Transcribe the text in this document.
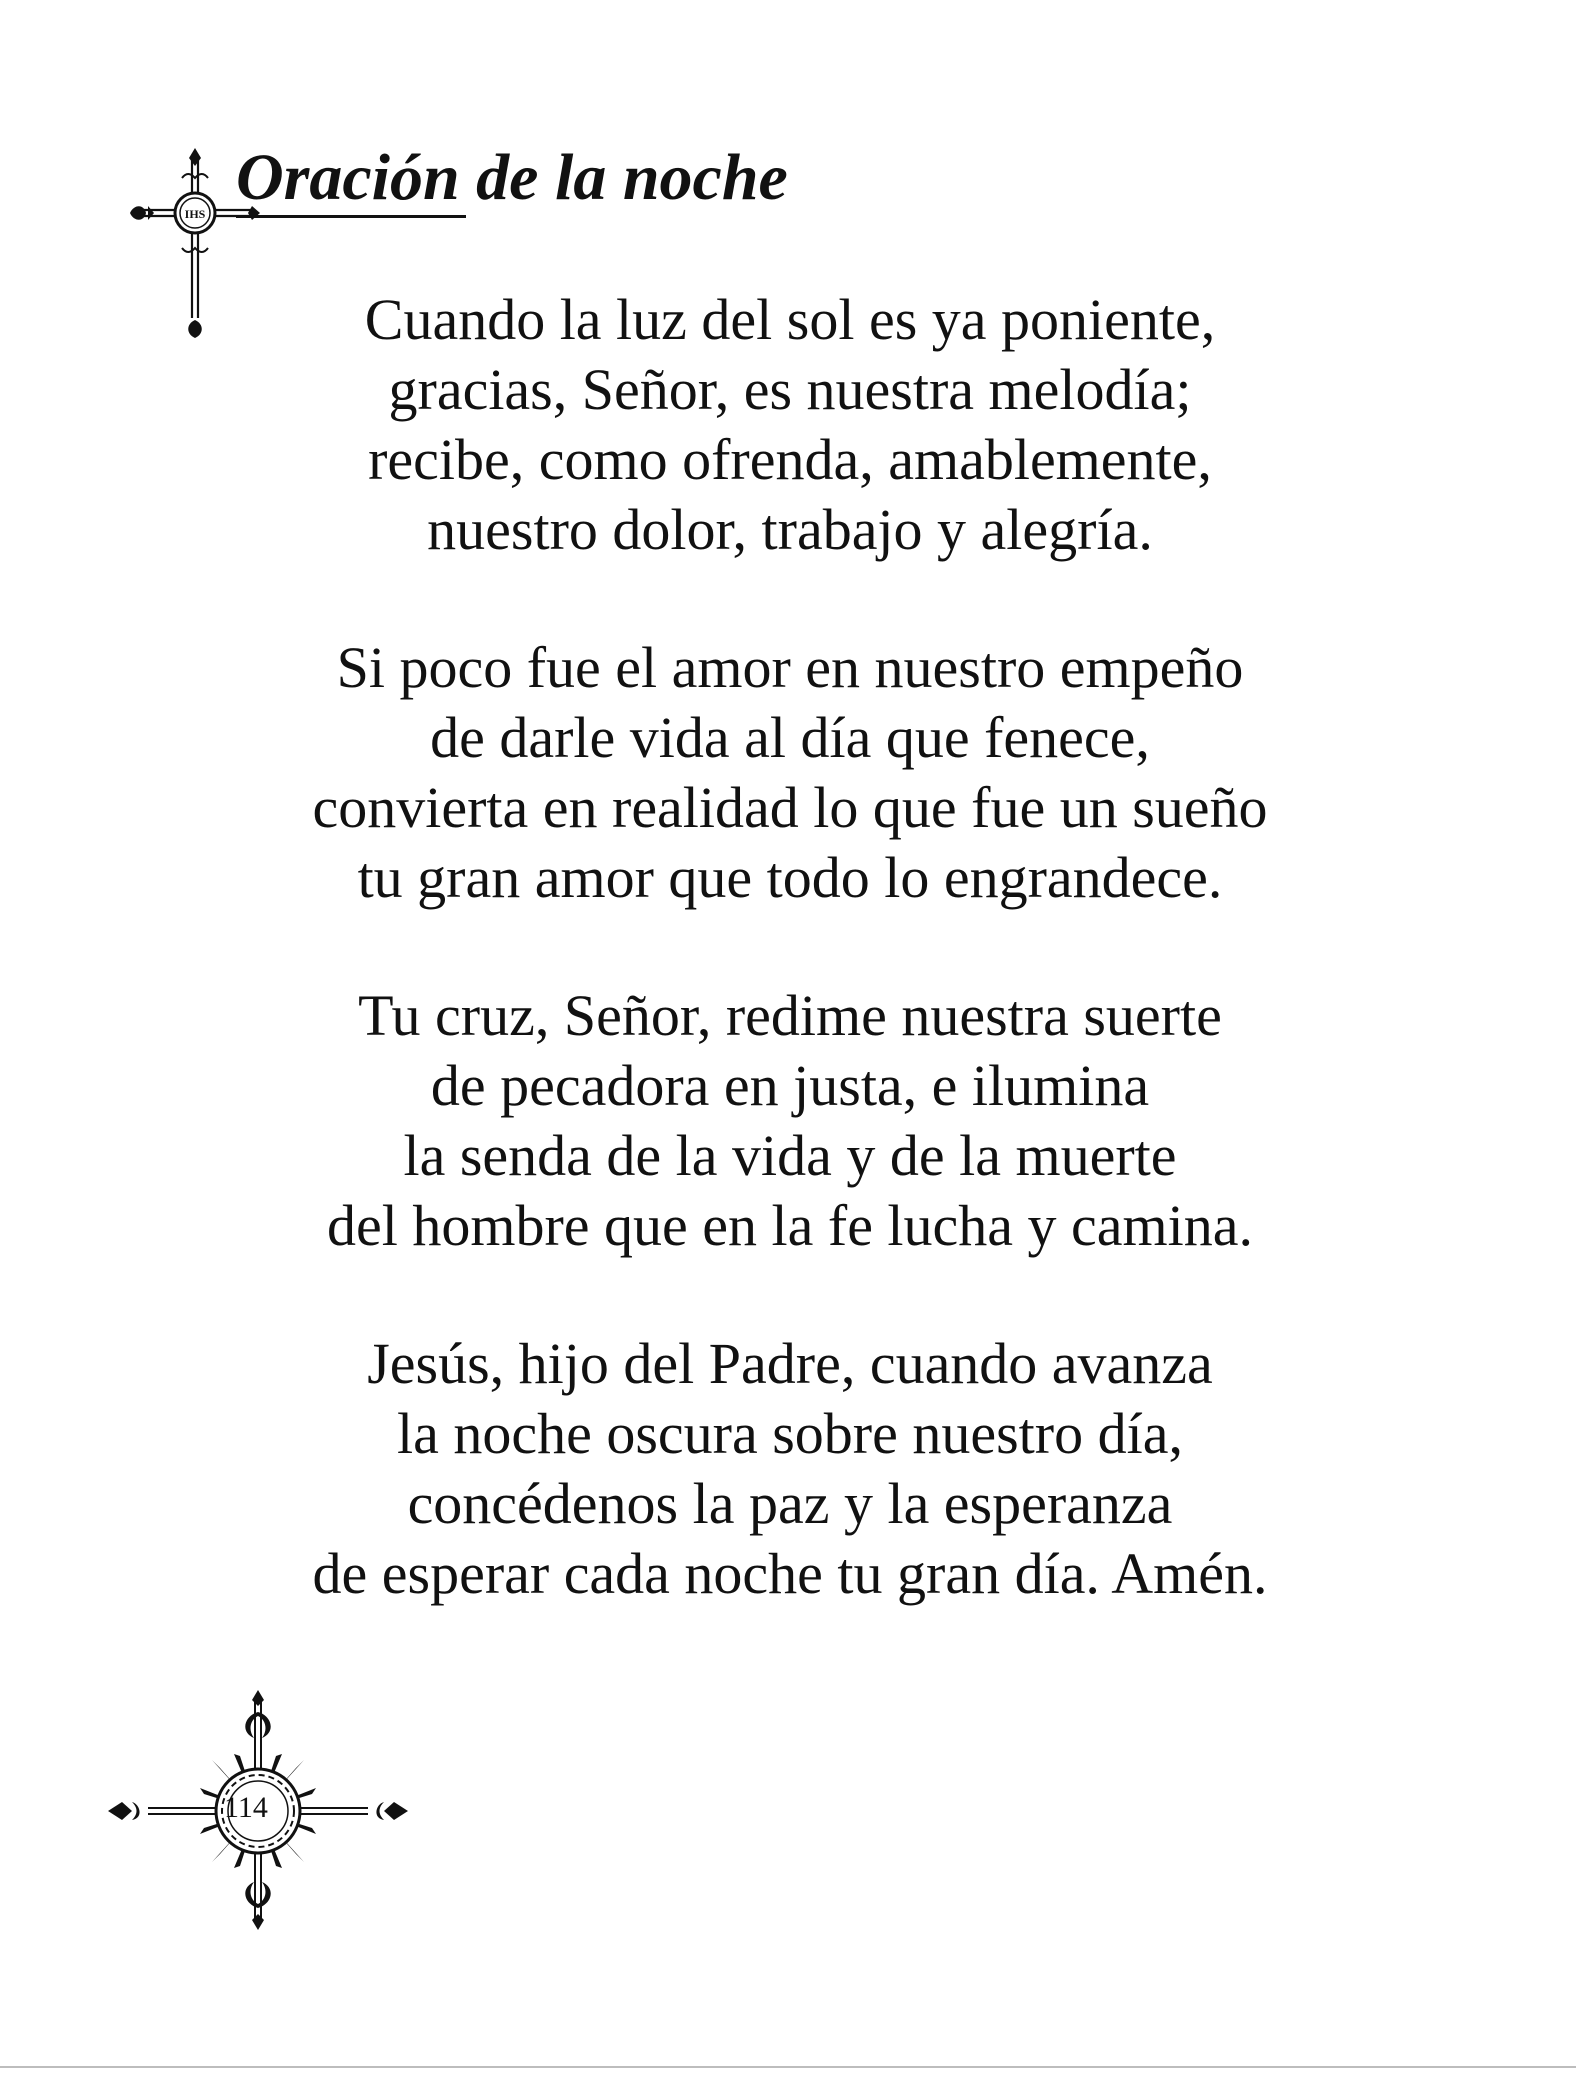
IHS Oración de la noche
Cuando la luz del sol es ya poniente,
gracias, Señor, es nuestra melodía;
recibe, como ofrenda, amablemente,
nuestro dolor, trabajo y alegría.
Si poco fue el amor en nuestro empeño
de darle vida al día que fenece,
convierta en realidad lo que fue un sueño
tu gran amor que todo lo engrandece.
Tu cruz, Señor, redime nuestra suerte
de pecadora en justa, e ilumina
la senda de la vida y de la muerte
del hombre que en la fe lucha y camina.
Jesús, hijo del Padre, cuando avanza
la noche oscura sobre nuestro día,
concédenos la paz y la esperanza
de esperar cada noche tu gran día. Amén.
114
